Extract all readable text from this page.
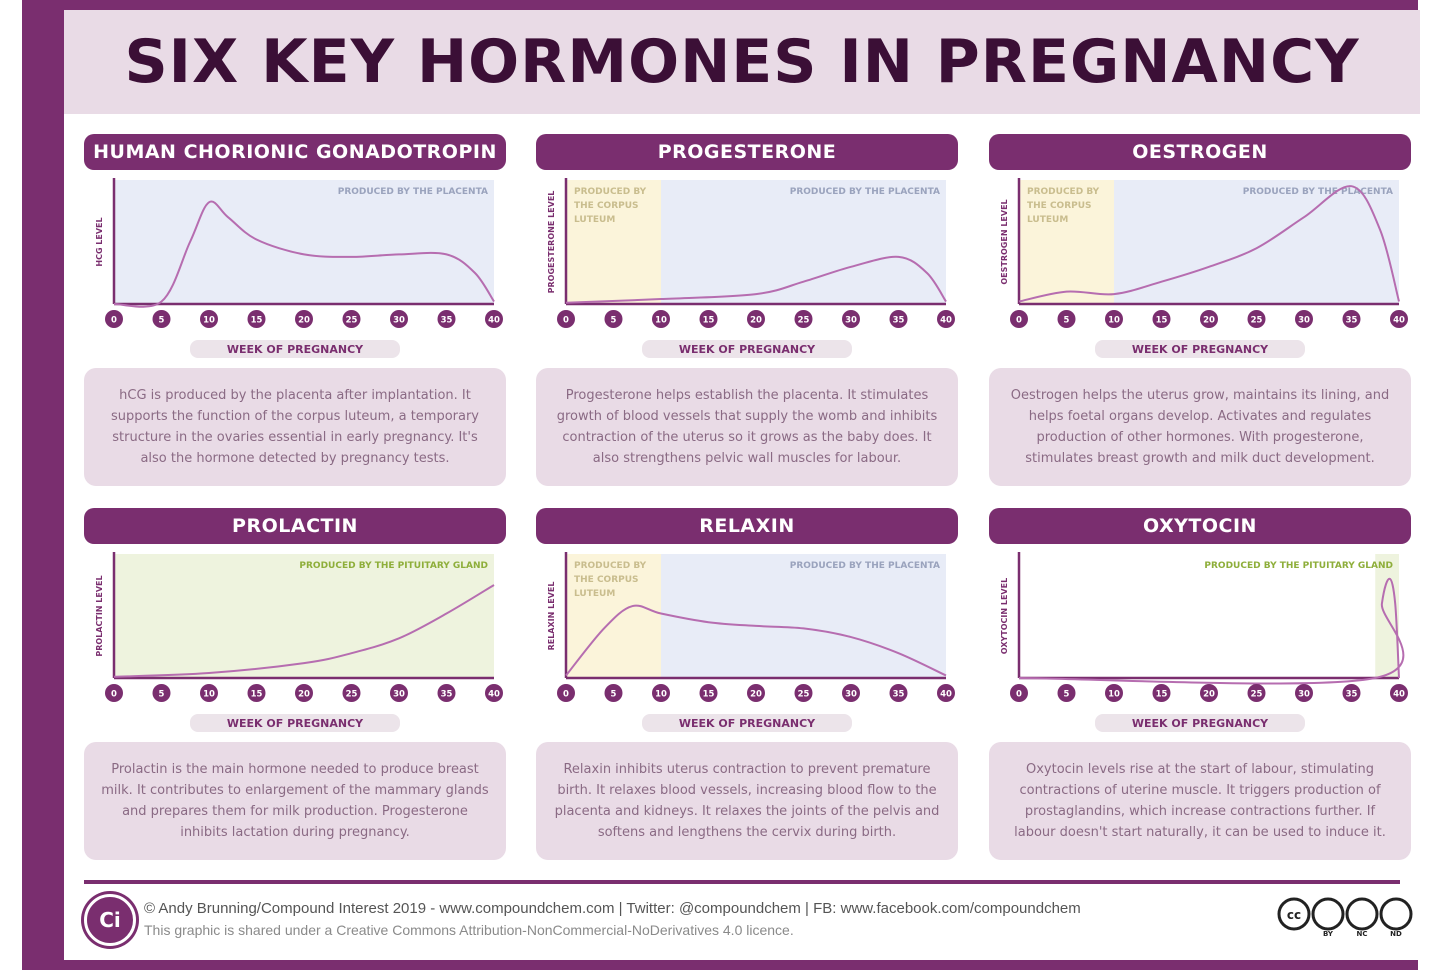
SIX KEY HORMONES IN PREGNANCY
HUMAN CHORIONIC GONADOTROPIN
PRODUCED BY THE PLACENTA
HCG LEVEL
0	5	10	15	20	25	30	35	40
WEEK OF PREGNANCY
hCG is produced by the placenta after implantation. It supports the function of the corpus luteum, a temporary structure in the ovaries essential in early pregnancy. It's also the hormone detected by pregnancy tests.
PROGESTERONE
PRODUCED BY
THE CORPUS
LUTEUM
PRODUCED BY THE PLACENTA
PROGESTERONE LEVEL
0	5	10	15	20	25	30	35	40
WEEK OF PREGNANCY
Progesterone helps establish the placenta. It stimulates growth of blood vessels that supply the womb and inhibits contraction of the uterus so it grows as the baby does. It also strengthens pelvic wall muscles for labour.
OESTROGEN
PRODUCED BY
THE CORPUS
LUTEUM
PRODUCED BY THE PLACENTA
OESTROGEN LEVEL
0	5	10	15	20	25	30	35	40
WEEK OF PREGNANCY
Oestrogen helps the uterus grow, maintains its lining, and helps foetal organs develop. Activates and regulates production of other hormones. With progesterone, stimulates breast growth and milk duct development.
PROLACTIN
PRODUCED BY THE PITUITARY GLAND
PROLACTIN LEVEL
0	5	10	15	20	25	30	35	40
WEEK OF PREGNANCY
Prolactin is the main hormone needed to produce breast milk. It contributes to enlargement of the mammary glands and prepares them for milk production. Progesterone inhibits lactation during pregnancy.
RELAXIN
PRODUCED BY
THE CORPUS
LUTEUM
PRODUCED BY THE PLACENTA
RELAXIN LEVEL
0	5	10	15	20	25	30	35	40
WEEK OF PREGNANCY
Relaxin inhibits uterus contraction to prevent premature birth. It relaxes blood vessels, increasing blood flow to the placenta and kidneys. It relaxes the joints of the pelvis and softens and lengthens the cervix during birth.
OXYTOCIN
PRODUCED BY THE PITUITARY GLAND
OXYTOCIN LEVEL
0	5	10	15	20	25	30	35	40
WEEK OF PREGNANCY
Oxytocin levels rise at the start of labour, stimulating contractions of uterine muscle. It triggers production of prostaglandins, which increase contractions further. If labour doesn't start naturally, it can be used to induce it.
Ci	© Andy Brunning/Compound Interest 2019 - www.compoundchem.com | Twitter: @compoundchem | FB: www.facebook.com/compoundchem
This graphic is shared under a Creative Commons Attribution-NonCommercial-NoDerivatives 4.0 licence.
cc
BY	NC	ND
